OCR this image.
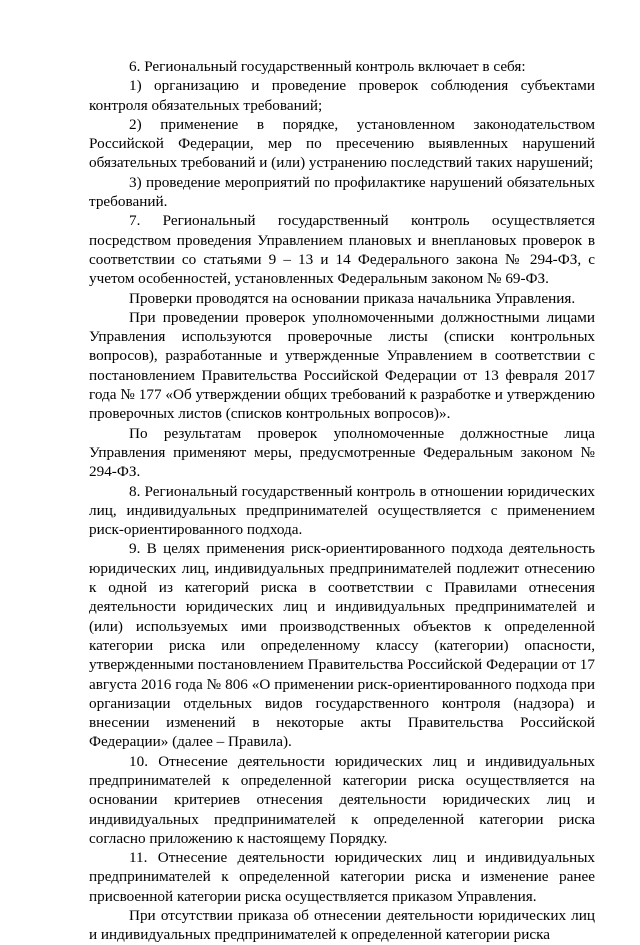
6. Региональный государственный контроль включает в себя:

1) организацию и проведение проверок соблюдения субъектами контроля обязательных требований;

2) применение в порядке, установленном законодательством Российской Федерации, мер по пресечению выявленных нарушений обязательных требований и (или) устранению последствий таких нарушений;

3) проведение мероприятий по профилактике нарушений обязательных требований.

7. Региональный государственный контроль осуществляется посредством проведения Управлением плановых и внеплановых проверок в соответствии со статьями 9 – 13 и 14 Федерального закона № 294-ФЗ, с учетом особенностей, установленных Федеральным законом № 69-ФЗ.

Проверки проводятся на основании приказа начальника Управления.

При проведении проверок уполномоченными должностными лицами Управления используются проверочные листы (списки контрольных вопросов), разработанные и утвержденные Управлением в соответствии с постановлением Правительства Российской Федерации от 13 февраля 2017 года № 177 «Об утверждении общих требований к разработке и утверждению проверочных листов (списков контрольных вопросов)».

По результатам проверок уполномоченные должностные лица Управления применяют меры, предусмотренные Федеральным законом № 294-ФЗ.

8. Региональный государственный контроль в отношении юридических лиц, индивидуальных предпринимателей осуществляется с применением риск-ориентированного подхода.

9. В целях применения риск-ориентированного подхода деятельность юридических лиц, индивидуальных предпринимателей подлежит отнесению к одной из категорий риска в соответствии с Правилами отнесения деятельности юридических лиц и индивидуальных предпринимателей и (или) используемых ими производственных объектов к определенной категории риска или определенному классу (категории) опасности, утвержденными постановлением Правительства Российской Федерации от 17 августа 2016 года № 806 «О применении риск-ориентированного подхода при организации отдельных видов государственного контроля (надзора) и внесении изменений в некоторые акты Правительства Российской Федерации» (далее – Правила).

10. Отнесение деятельности юридических лиц и индивидуальных предпринимателей к определенной категории риска осуществляется на основании критериев отнесения деятельности юридических лиц и индивидуальных предпринимателей к определенной категории риска согласно приложению к настоящему Порядку.

11. Отнесение деятельности юридических лиц и индивидуальных предпринимателей к определенной категории риска и изменение ранее присвоенной категории риска осуществляется приказом Управления.

При отсутствии приказа об отнесении деятельности юридических лиц и индивидуальных предпринимателей к определенной категории риска
